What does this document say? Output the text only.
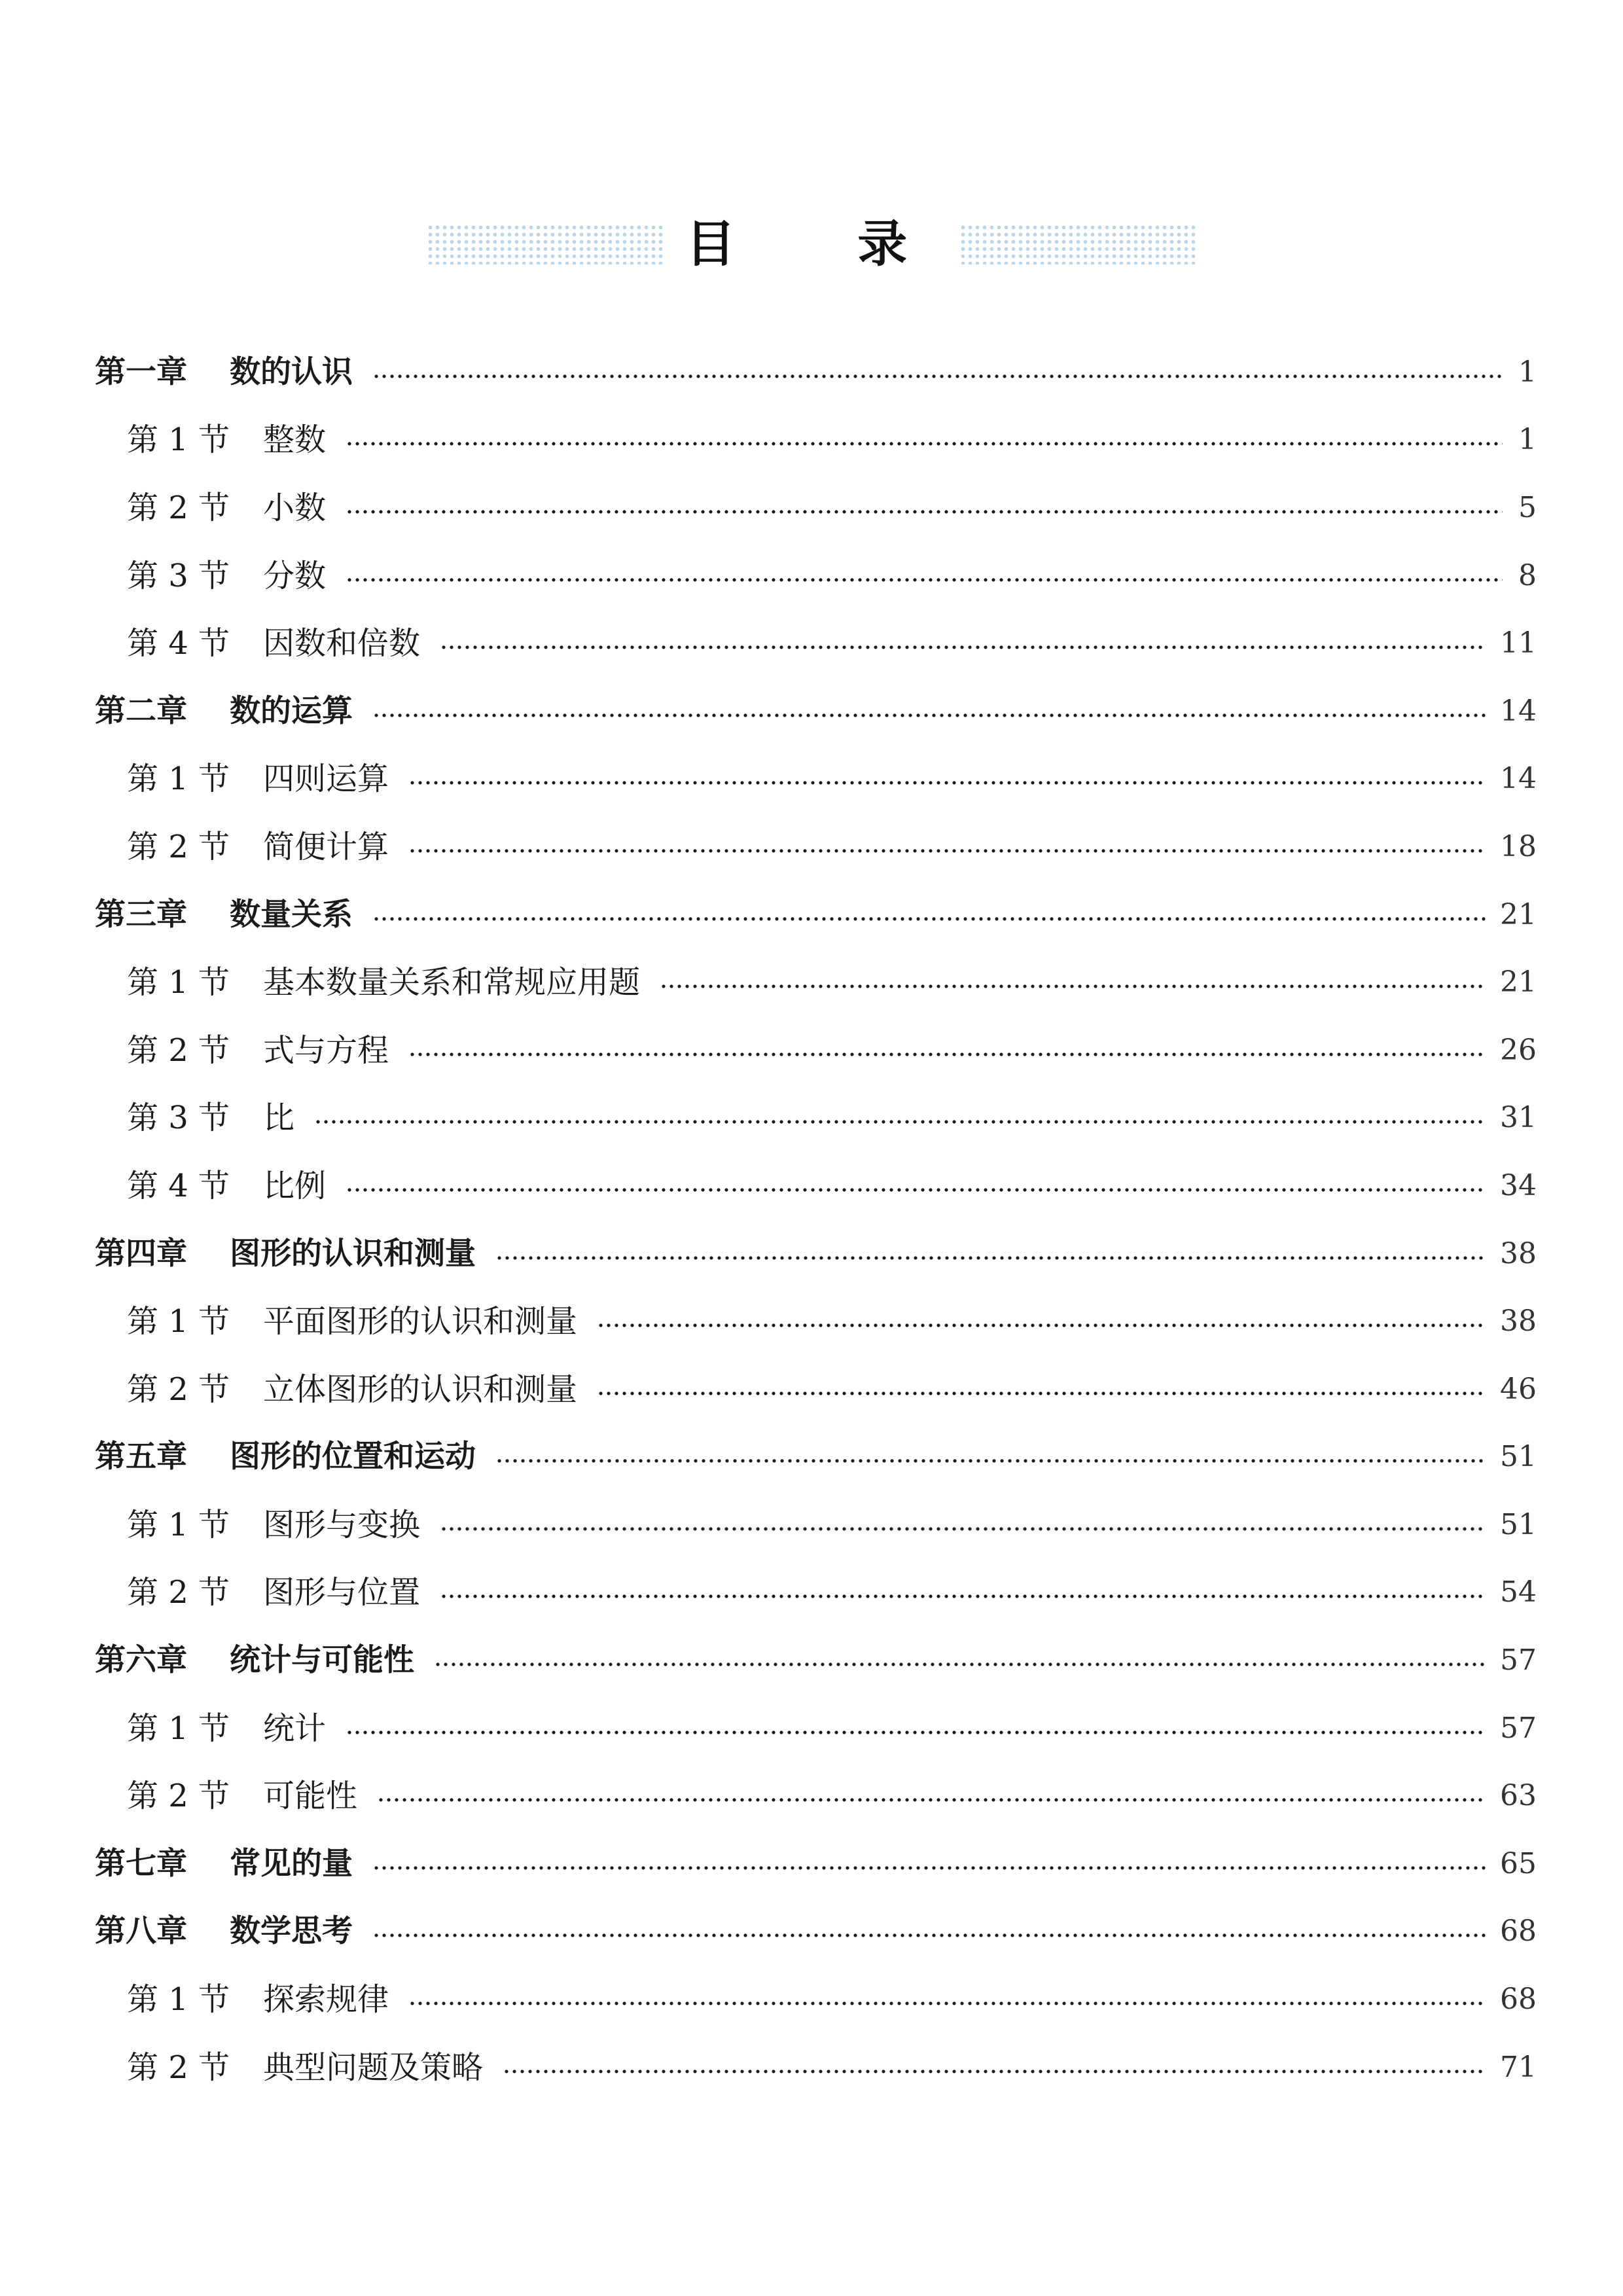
目 录
第一章	数的认识	1
第 1 节	整数	1
第 2 节	小数	5
第 3 节	分数	8
第 4 节	因数和倍数	11
第二章	数的运算	14
第 1 节	四则运算	14
第 2 节	简便计算	18
第三章	数量关系	21
第 1 节	基本数量关系和常规应用题	21
第 2 节	式与方程	26
第 3 节	比	31
第 4 节	比例	34
第四章	图形的认识和测量	38
第 1 节	平面图形的认识和测量	38
第 2 节	立体图形的认识和测量	46
第五章	图形的位置和运动	51
第 1 节	图形与变换	51
第 2 节	图形与位置	54
第六章	统计与可能性	57
第 1 节	统计	57
第 2 节	可能性	63
第七章	常见的量	65
第八章	数学思考	68
第 1 节	探索规律	68
第 2 节	典型问题及策略	71
